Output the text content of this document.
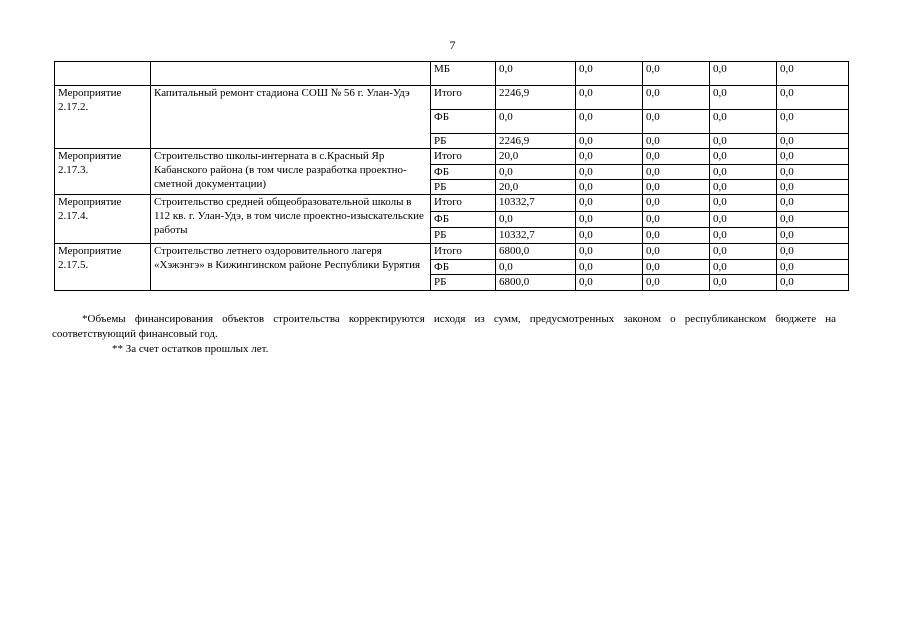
7
		МБ	0,0	0,0	0,0	0,0	0,0
Мероприятие 2.17.2.	Капитальный ремонт стадиона СОШ № 56 г. Улан-Удэ	Итого	2246,9	0,0	0,0	0,0	0,0
		ФБ	0,0	0,0	0,0	0,0	0,0
		РБ	2246,9	0,0	0,0	0,0	0,0
Мероприятие 2.17.3.	Строительство школы-интерната в с.Красный Яр Кабанского района (в том числе разработка проектно-сметной документации)	Итого	20,0	0,0	0,0	0,0	0,0
		ФБ	0,0	0,0	0,0	0,0	0,0
		РБ	20,0	0,0	0,0	0,0	0,0
Мероприятие 2.17.4.	Строительство средней общеобразовательной школы в 112 кв. г. Улан-Удэ, в том числе проектно-изыскательские работы	Итого	10332,7	0,0	0,0	0,0	0,0
		ФБ	0,0	0,0	0,0	0,0	0,0
		РБ	10332,7	0,0	0,0	0,0	0,0
Мероприятие 2.17.5.	Строительство летнего оздоровительного лагеря «Хэжэнгэ» в Кижингинском районе Республики Бурятия	Итого	6800,0	0,0	0,0	0,0	0,0
		ФБ	0,0	0,0	0,0	0,0	0,0
		РБ	6800,0	0,0	0,0	0,0	0,0

*Объемы финансирования объектов строительства корректируются исходя из сумм, предусмотренных законом о республиканском бюджете на соответствующий финансовый год.

** За счет остатков прошлых лет.
